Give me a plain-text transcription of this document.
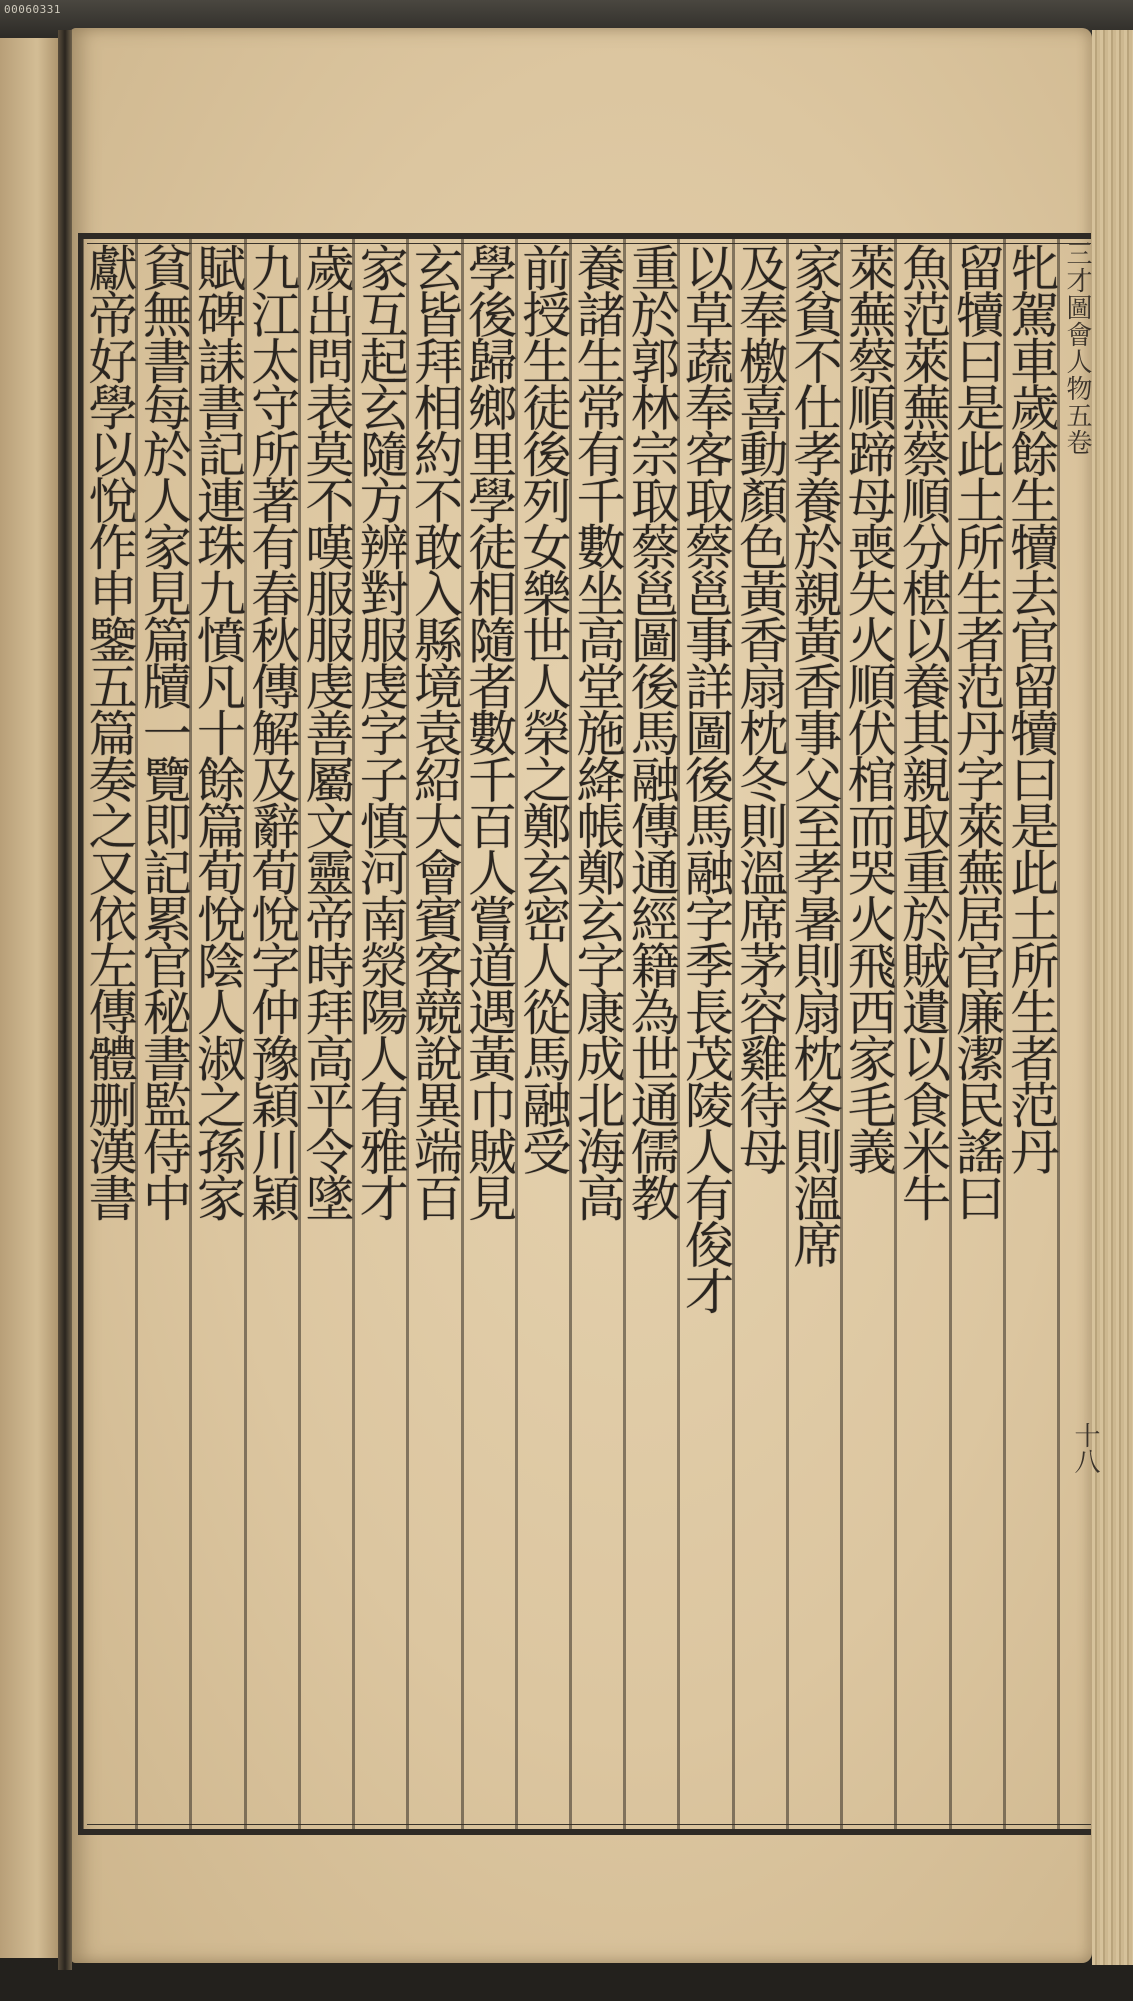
00060331
牝駕車歲餘生犢去官留犢曰是此土所生者范丹
留犢曰是此土所生者范丹字萊蕪居官廉潔民謠曰
魚范萊蕪蔡順分椹以養其親取重於賊遺以食米牛
萊蕪蔡順蹄母喪失火順伏棺而哭火飛西家毛義
家貧不仕孝養於親黃香事父至孝暑則扇枕冬則溫席
及奉檄喜動顏色黃香扇枕冬則溫席茅容雞待母
以草蔬奉客取蔡邕事詳圖後馬融字季長茂陵人有俊才
重於郭林宗取蔡邕圖後馬融傳通經籍為世通儒教
養諸生常有千數坐高堂施絳帳鄭玄字康成北海高
前授生徒後列女樂世人榮之鄭玄密人從馬融受
學後歸鄉里學徒相隨者數千百人嘗道遇黃巾賊見
玄皆拜相約不敢入縣境袁紹大會賓客競說異端百
家互起玄隨方辨對服虔字子慎河南滎陽人有雅才
歲出問表莫不嘆服服虔善屬文靈帝時拜高平令墜
九江太守所著有春秋傳解及辭荀悅字仲豫穎川穎
賦碑誄書記連珠九憤凡十餘篇荀悅陰人淑之孫家
貧無書每於人家見篇牘一覽即記累官秘書監侍中
獻帝好學以悅作申鑒五篇奏之又依左傳體删漢書	三才圖會人物五卷
十八
